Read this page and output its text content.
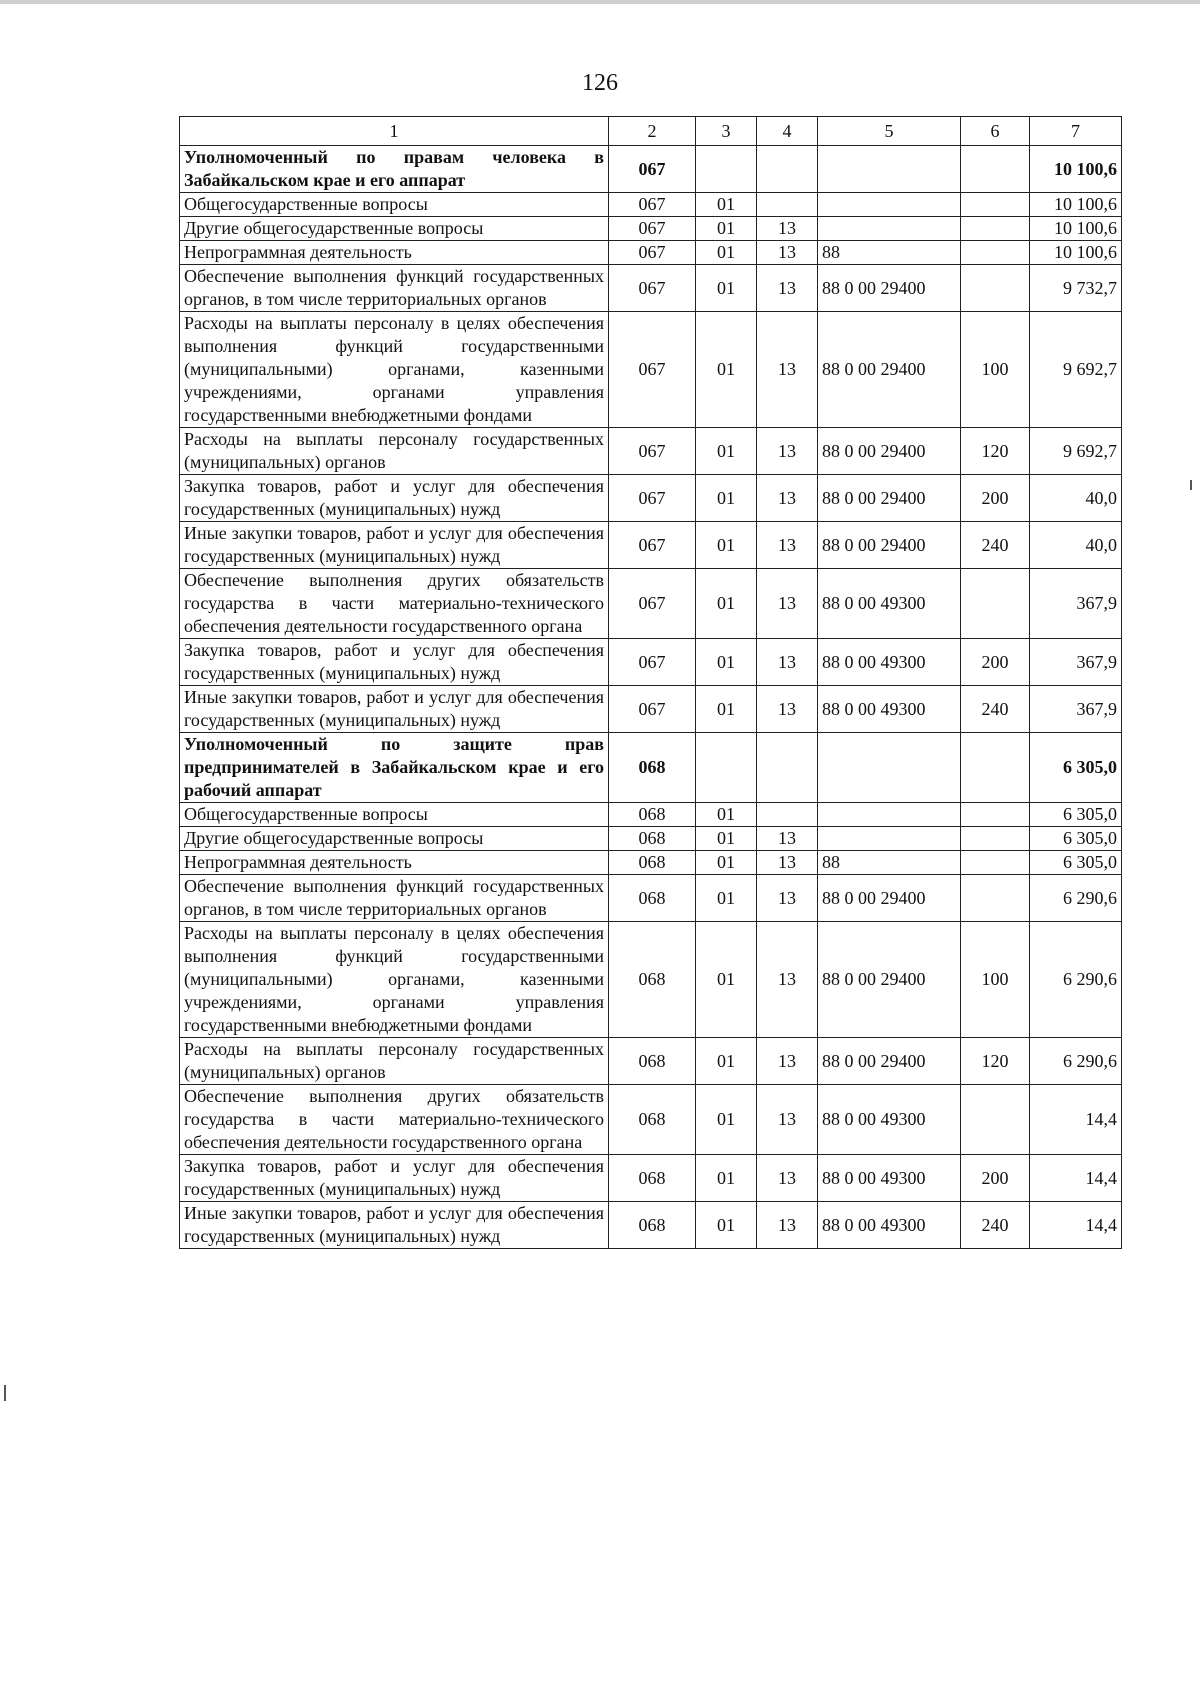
126
1	2	3	4	5	6	7
Уполномоченный по правам человека в Забайкальском крае и его аппарат	067					10 100,6
Общегосударственные вопросы	067	01				10 100,6
Другие общегосударственные вопросы	067	01	13			10 100,6
Непрограммная деятельность	067	01	13	88		10 100,6
Обеспечение выполнения функций государственных органов, в том числе территориальных органов	067	01	13	88 0 00 29400		9 732,7
Расходы на выплаты персоналу в целях обеспечения выполнения функций государственными (муниципальными) органами, казенными учреждениями, органами управления государственными внебюджетными фондами	067	01	13	88 0 00 29400	100	9 692,7
Расходы на выплаты персоналу государственных (муниципальных) органов	067	01	13	88 0 00 29400	120	9 692,7
Закупка товаров, работ и услуг для обеспечения государственных (муниципальных) нужд	067	01	13	88 0 00 29400	200	40,0
Иные закупки товаров, работ и услуг для обеспечения государственных (муниципальных) нужд	067	01	13	88 0 00 29400	240	40,0
Обеспечение выполнения других обязательств государства в части материально-технического обеспечения деятельности государственного органа	067	01	13	88 0 00 49300		367,9
Закупка товаров, работ и услуг для обеспечения государственных (муниципальных) нужд	067	01	13	88 0 00 49300	200	367,9
Иные закупки товаров, работ и услуг для обеспечения государственных (муниципальных) нужд	067	01	13	88 0 00 49300	240	367,9
Уполномоченный по защите прав предпринимателей в Забайкальском крае и его рабочий аппарат	068					6 305,0
Общегосударственные вопросы	068	01				6 305,0
Другие общегосударственные вопросы	068	01	13			6 305,0
Непрограммная деятельность	068	01	13	88		6 305,0
Обеспечение выполнения функций государственных органов, в том числе территориальных органов	068	01	13	88 0 00 29400		6 290,6
Расходы на выплаты персоналу в целях обеспечения выполнения функций государственными (муниципальными) органами, казенными учреждениями, органами управления государственными внебюджетными фондами	068	01	13	88 0 00 29400	100	6 290,6
Расходы на выплаты персоналу государственных (муниципальных) органов	068	01	13	88 0 00 29400	120	6 290,6
Обеспечение выполнения других обязательств государства в части материально-технического обеспечения деятельности государственного органа	068	01	13	88 0 00 49300		14,4
Закупка товаров, работ и услуг для обеспечения государственных (муниципальных) нужд	068	01	13	88 0 00 49300	200	14,4
Иные закупки товаров, работ и услуг для обеспечения государственных (муниципальных) нужд	068	01	13	88 0 00 49300	240	14,4
